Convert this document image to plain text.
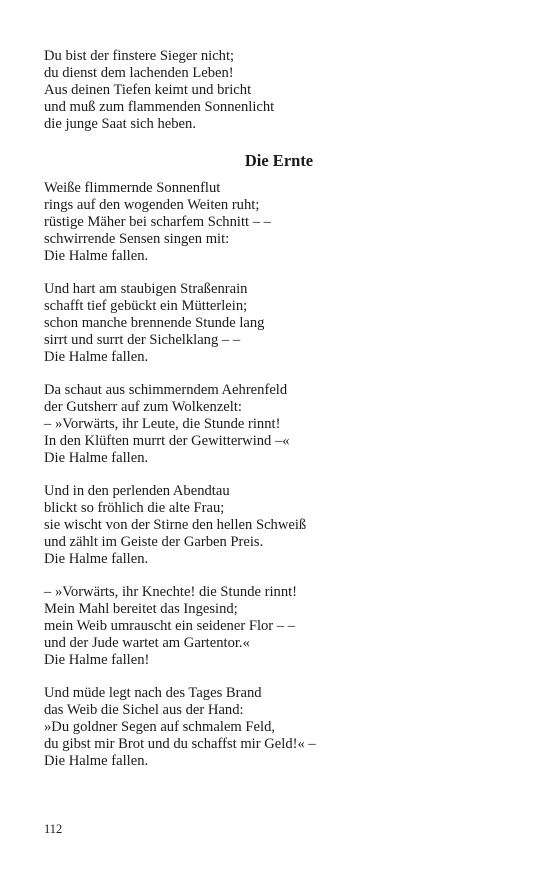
Du bist der finstere Sieger nicht;
du dienst dem lachenden Leben!
Aus deinen Tiefen keimt und bricht
und muß zum flammenden Sonnenlicht
die junge Saat sich heben.
Die Ernte
Weiße flimmernde Sonnenflut
rings auf den wogenden Weiten ruht;
rüstige Mäher bei scharfem Schnitt – –
schwirrende Sensen singen mit:
Die Halme fallen.
Und hart am staubigen Straßenrain
schafft tief gebückt ein Mütterlein;
schon manche brennende Stunde lang
sirrt und surrt der Sichelklang – –
Die Halme fallen.
Da schaut aus schimmerndem Aehrenfeld
der Gutsherr auf zum Wolkenzelt:
– »Vorwärts, ihr Leute, die Stunde rinnt!
In den Klüften murrt der Gewitterwind –«
Die Halme fallen.
Und in den perlenden Abendtau
blickt so fröhlich die alte Frau;
sie wischt von der Stirne den hellen Schweiß
und zählt im Geiste der Garben Preis.
Die Halme fallen.
– »Vorwärts, ihr Knechte! die Stunde rinnt!
Mein Mahl bereitet das Ingesind;
mein Weib umrauscht ein seidener Flor – –
und der Jude wartet am Gartentor.«
Die Halme fallen!
Und müde legt nach des Tages Brand
das Weib die Sichel aus der Hand:
»Du goldner Segen auf schmalem Feld,
du gibst mir Brot und du schaffst mir Geld!« –
Die Halme fallen.
112
